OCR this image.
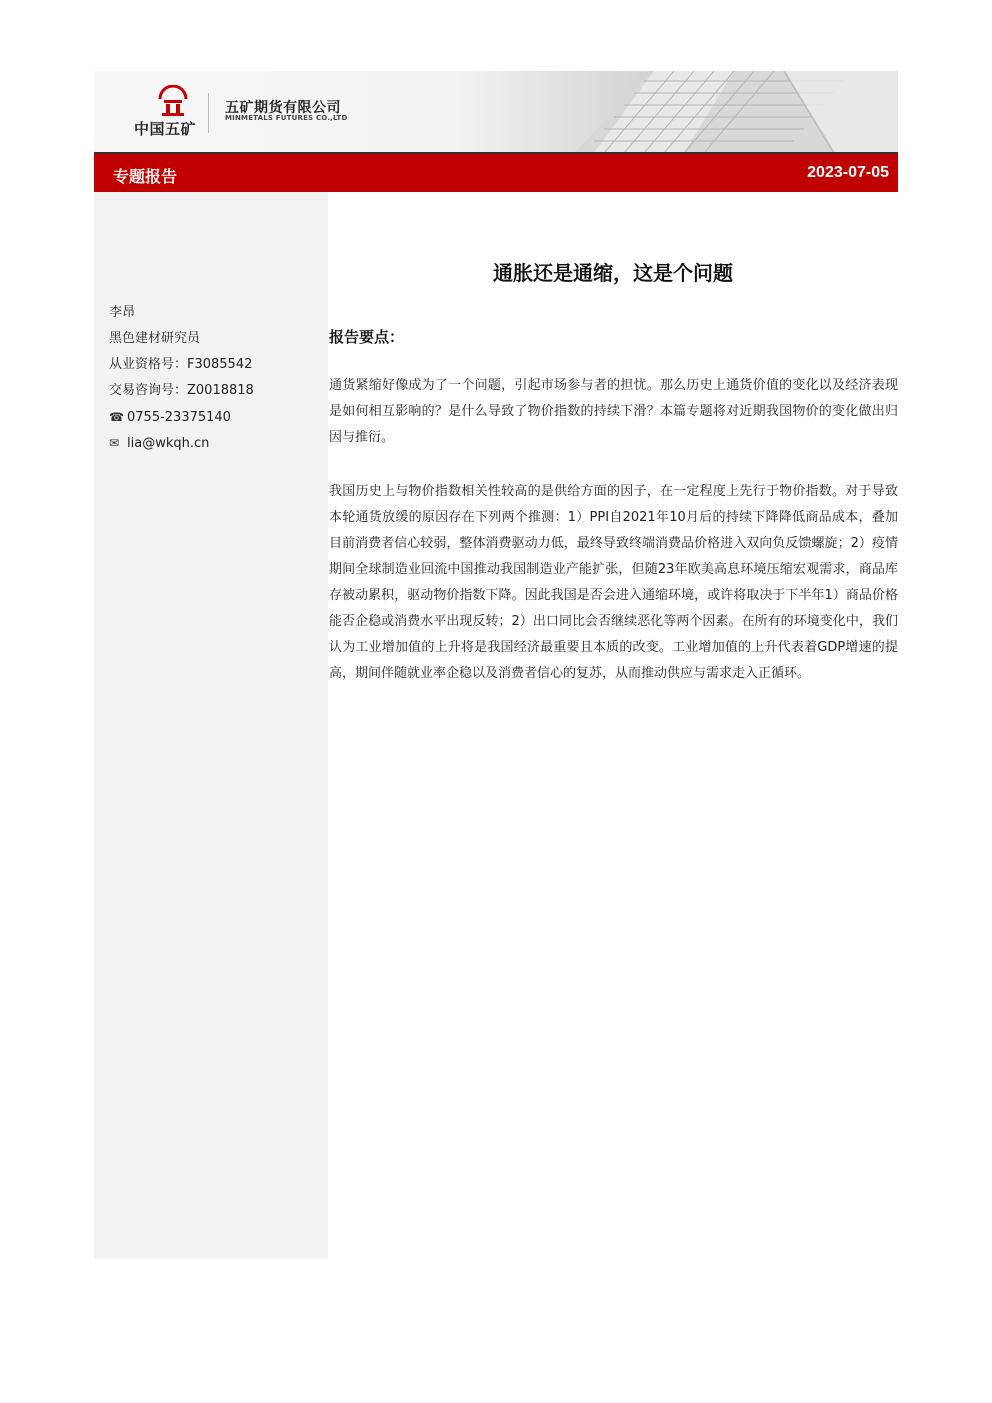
中国五矿
五矿期货有限公司
MINMETALS FUTURES CO.,LTD
专题报告	2023-07-05
李昂
黑色建材研究员
从业资格号：F3085542
交易咨询号：Z0018818
☎ 0755-23375140
✉ lia@wkqh.cn
通胀还是通缩，这是个问题
报告要点：
通货紧缩好像成为了一个问题，引起市场参与者的担忧。那么历史上通货价值的变化以及经济表现是如何相互影响的？是什么导致了物价指数的持续下滑？本篇专题将对近期我国物价的变化做出归因与推衍。
我国历史上与物价指数相关性较高的是供给方面的因子，在一定程度上先行于物价指数。对于导致本轮通货放缓的原因存在下列两个推测：1）PPI自2021年10月后的持续下降降低商品成本，叠加目前消费者信心较弱，整体消费驱动力低，最终导致终端消费品价格进入双向负反馈螺旋；2）疫情期间全球制造业回流中国推动我国制造业产能扩张，但随23年欧美高息环境压缩宏观需求，商品库存被动累积，驱动物价指数下降。因此我国是否会进入通缩环境，或许将取决于下半年1）商品价格能否企稳或消费水平出现反转；2）出口同比会否继续恶化等两个因素。在所有的环境变化中，我们认为工业增加值的上升将是我国经济最重要且本质的改变。工业增加值的上升代表着GDP增速的提高，期间伴随就业率企稳以及消费者信心的复苏，从而推动供应与需求走入正循环。
